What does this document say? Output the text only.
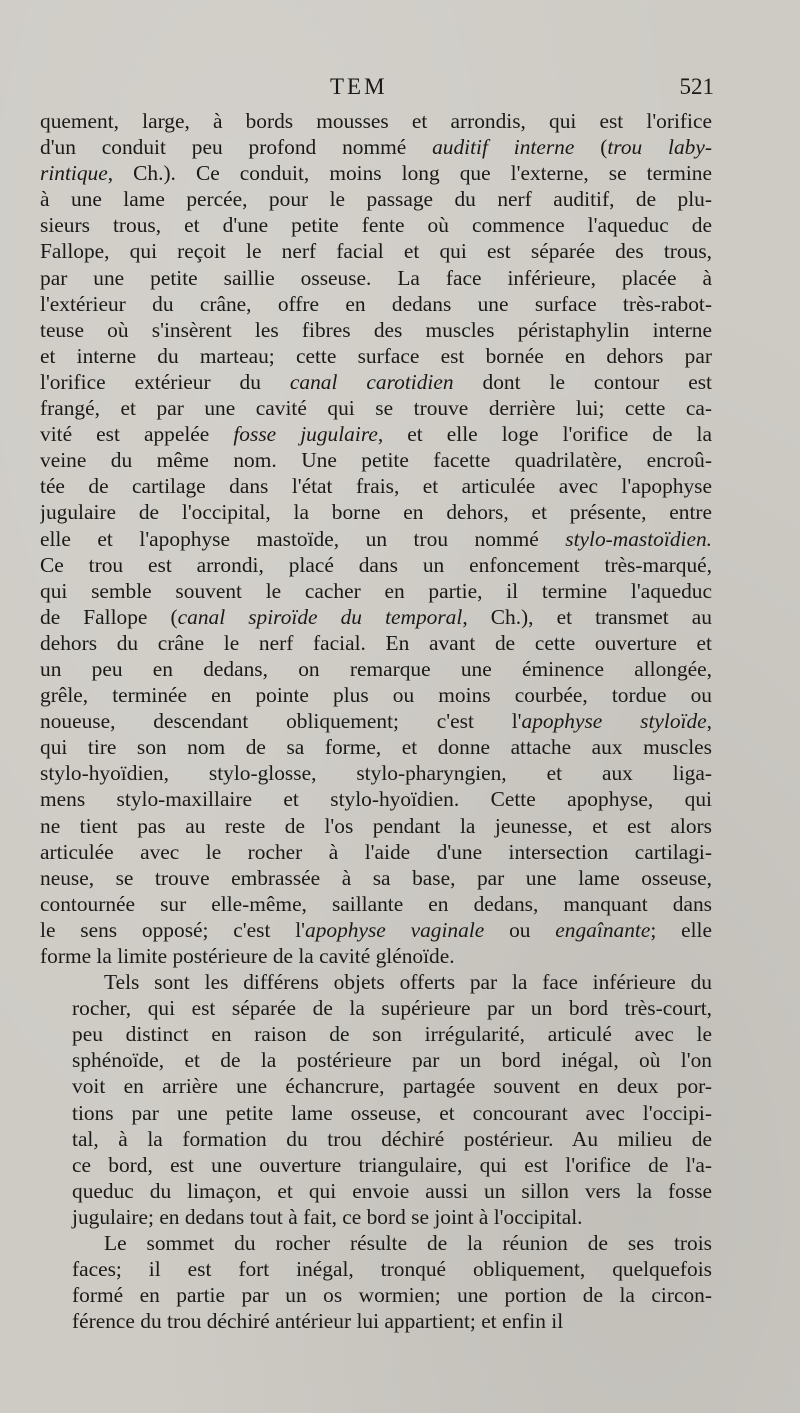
TEM	521
quement, large, à bords mousses et arrondis, qui est l'orifice
d'un conduit peu profond nommé auditif interne (trou laby-
rintique, Ch.). Ce conduit, moins long que l'externe, se termine
à une lame percée, pour le passage du nerf auditif, de plu-
sieurs trous, et d'une petite fente où commence l'aqueduc de
Fallope, qui reçoit le nerf facial et qui est séparée des trous,
par une petite saillie osseuse. La face inférieure, placée à
l'extérieur du crâne, offre en dedans une surface très-rabot-
teuse où s'insèrent les fibres des muscles péristaphylin interne
et interne du marteau; cette surface est bornée en dehors par
l'orifice extérieur du canal carotidien dont le contour est
frangé, et par une cavité qui se trouve derrière lui; cette ca-
vité est appelée fosse jugulaire, et elle loge l'orifice de la
veine du même nom. Une petite facette quadrilatère, encroû-
tée de cartilage dans l'état frais, et articulée avec l'apophyse
jugulaire de l'occipital, la borne en dehors, et présente, entre
elle et l'apophyse mastoïde, un trou nommé stylo-mastoïdien.
Ce trou est arrondi, placé dans un enfoncement très-marqué,
qui semble souvent le cacher en partie, il termine l'aqueduc
de Fallope (canal spiroïde du temporal, Ch.), et transmet au
dehors du crâne le nerf facial. En avant de cette ouverture et
un peu en dedans, on remarque une éminence allongée,
grêle, terminée en pointe plus ou moins courbée, tordue ou
noueuse, descendant obliquement; c'est l'apophyse styloïde,
qui tire son nom de sa forme, et donne attache aux muscles
stylo-hyoïdien, stylo-glosse, stylo-pharyngien, et aux liga-
mens stylo-maxillaire et stylo-hyoïdien. Cette apophyse, qui
ne tient pas au reste de l'os pendant la jeunesse, et est alors
articulée avec le rocher à l'aide d'une intersection cartilagi-
neuse, se trouve embrassée à sa base, par une lame osseuse,
contournée sur elle-même, saillante en dedans, manquant dans
le sens opposé; c'est l'apophyse vaginale ou engaînante; elle
forme la limite postérieure de la cavité glénoïde.
Tels sont les différens objets offerts par la face inférieure du
rocher, qui est séparée de la supérieure par un bord très-court,
peu distinct en raison de son irrégularité, articulé avec le
sphénoïde, et de la postérieure par un bord inégal, où l'on
voit en arrière une échancrure, partagée souvent en deux por-
tions par une petite lame osseuse, et concourant avec l'occipi-
tal, à la formation du trou déchiré postérieur. Au milieu de
ce bord, est une ouverture triangulaire, qui est l'orifice de l'a-
queduc du limaçon, et qui envoie aussi un sillon vers la fosse
jugulaire; en dedans tout à fait, ce bord se joint à l'occipital.
Le sommet du rocher résulte de la réunion de ses trois
faces; il est fort inégal, tronqué obliquement, quelquefois
formé en partie par un os wormien; une portion de la circon-
férence du trou déchiré antérieur lui appartient; et enfin il
